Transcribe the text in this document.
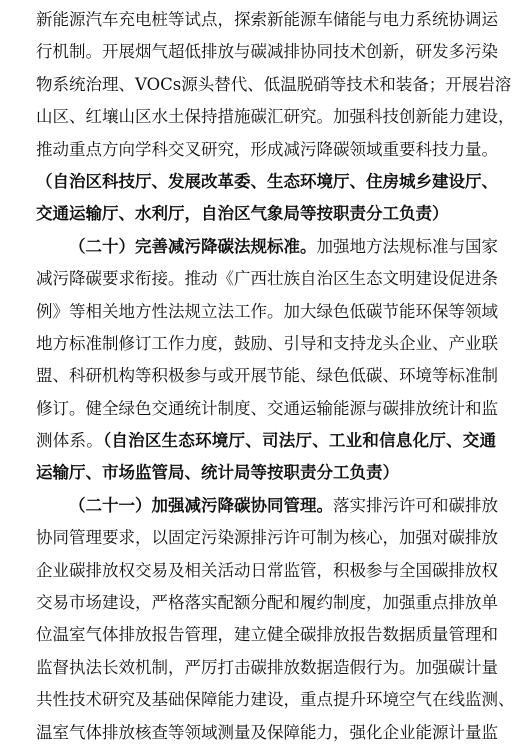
新能源汽车充电桩等试点，探索新能源车储能与电力系统协调运
行机制。开展烟气超低排放与碳减排协同技术创新，研发多污染
物系统治理、VOCs源头替代、低温脱硝等技术和装备；开展岩溶
山区、红壤山区水土保持措施碳汇研究。加强科技创新能力建设，
推动重点方向学科交叉研究，形成减污降碳领域重要科技力量。
（自治区科技厅、发展改革委、生态环境厅、住房城乡建设厅、
交通运输厅、水利厅，自治区气象局等按职责分工负责）
（二十）完善减污降碳法规标准。加强地方法规标准与国家
减污降碳要求衔接。推动《广西壮族自治区生态文明建设促进条
例》等相关地方性法规立法工作。加大绿色低碳节能环保等领域
地方标准制修订工作力度，鼓励、引导和支持龙头企业、产业联
盟、科研机构等积极参与或开展节能、绿色低碳、环境等标准制
修订。健全绿色交通统计制度、交通运输能源与碳排放统计和监
测体系。（自治区生态环境厅、司法厅、工业和信息化厅、交通
运输厅、市场监管局、统计局等按职责分工负责）
（二十一）加强减污降碳协同管理。落实排污许可和碳排放
协同管理要求，以固定污染源排污许可制为核心，加强对碳排放
企业碳排放权交易及相关活动日常监管，积极参与全国碳排放权
交易市场建设，严格落实配额分配和履约制度，加强重点排放单
位温室气体排放报告管理，建立健全碳排放报告数据质量管理和
监督执法长效机制，严厉打击碳排放数据造假行为。加强碳计量
共性技术研究及基础保障能力建设，重点提升环境空气在线监测、
温室气体排放核查等领域测量及保障能力，强化企业能源计量监
